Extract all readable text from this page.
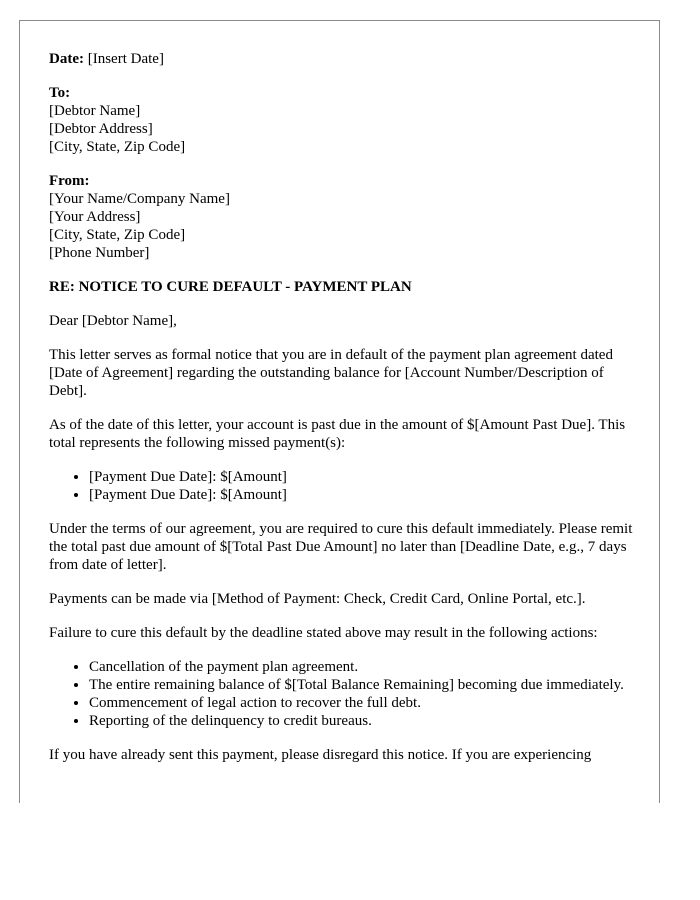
Date: [Insert Date]

To:
[Debtor Name]
[Debtor Address]
[City, State, Zip Code]
From:
[Your Name/Company Name]
[Your Address]
[City, State, Zip Code]
[Phone Number]

RE: NOTICE TO CURE DEFAULT - PAYMENT PLAN

Dear [Debtor Name],

This letter serves as formal notice that you are in default of the payment plan agreement dated [Date of Agreement] regarding the outstanding balance for [Account Number/Description of Debt].

As of the date of this letter, your account is past due in the amount of $[Amount Past Due]. This total represents the following missed payment(s):

• [Payment Due Date]: $[Amount]
• [Payment Due Date]: $[Amount]

Under the terms of our agreement, you are required to cure this default immediately. Please remit the total past due amount of $[Total Past Due Amount] no later than [Deadline Date, e.g., 7 days from date of letter].

Payments can be made via [Method of Payment: Check, Credit Card, Online Portal, etc.].

Failure to cure this default by the deadline stated above may result in the following actions:

• Cancellation of the payment plan agreement.
• The entire remaining balance of $[Total Balance Remaining] becoming due immediately.
• Commencement of legal action to recover the full debt.
• Reporting of the delinquency to credit bureaus.

If you have already sent this payment, please disregard this notice. If you are experiencing
